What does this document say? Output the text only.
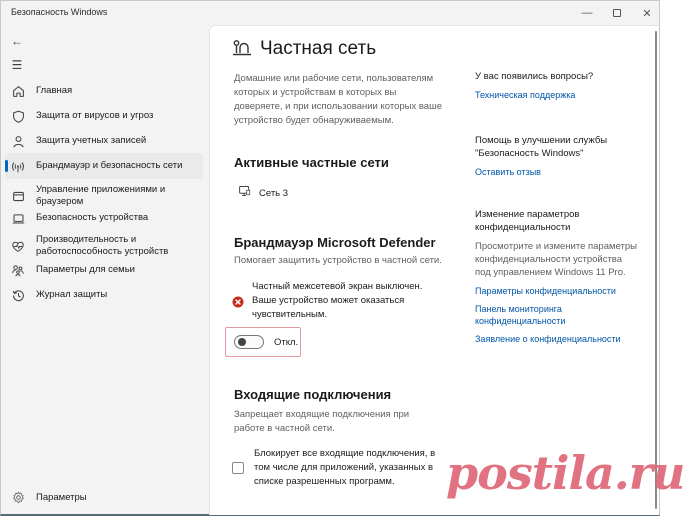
Безопасность Windows	—	✕
←
☰
Главная
Защита от вирусов и угроз
Защита учетных записей
Брандмауэр и безопасность сети
Управление приложениями и браузером
Безопасность устройства
Производительность и работоспособность устройств
Параметры для семьи
Журнал защиты
Параметры
Частная сеть

Домашние или рабочие сети, пользователям которых и устройствам в которых вы доверяете, и при использовании которых ваше устройство будет обнаруживаемым.

Активные частные сети
Сеть 3
Брандмауэр Microsoft Defender

Помогает защитить устройство в частной сети.

Частный межсетевой экран выключен. Ваше устройство может оказаться чувствительным.
Откл.
Входящие подключения

Запрещает входящие подключения при работе в частной сети.

Блокирует все входящие подключения, в том числе для приложений, указанных в списке разрешенных программ.
У вас появились вопросы?
Техническая поддержка
Помощь в улучшении службы "Безопасность Windows"
Оставить отзыв
Изменение параметров конфиденциальности
Просмотрите и измените параметры конфиденциальности устройства под управлением Windows 11 Pro.
Параметры конфиденциальности
Панель мониторинга конфиденциальности
Заявление о конфиденциальности
postila.ru
